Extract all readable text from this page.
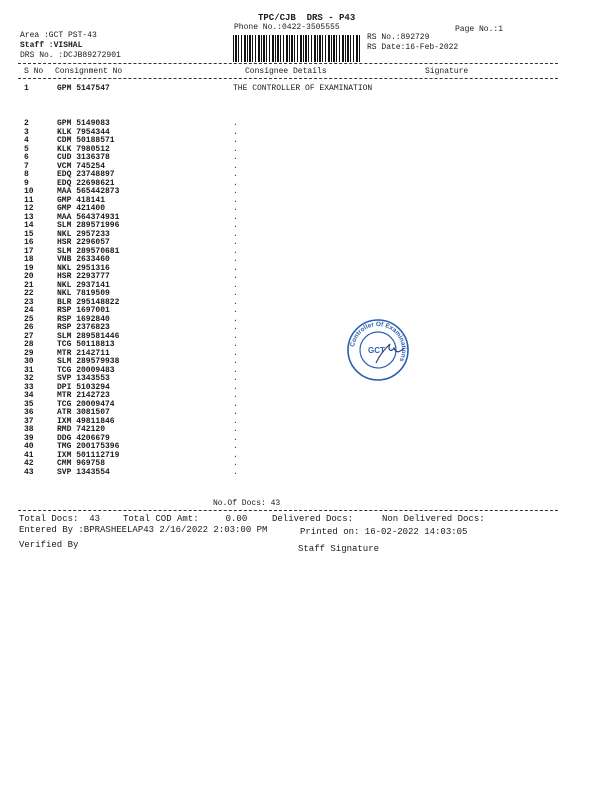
TPC/CJB  DRS - P43
Phone No.:0422-3505555	Page No.:1
Area :GCT PST-43
Staff :VISHAL
DRS No. :DCJB89272901
RS No.:892729
RS Date:16-Feb-2022
S No Consignment No	Consignee Details	Signature
1	GPM 5147547	THE CONTROLLER OF EXAMINATION
2	GPM 5149083	.
3	KLK 7954344	.
4	CDM 50188571	.
5	KLK 7980512	.
6	CUD 3136378	.
7	VCM 745254	.
8	EDQ 23748897	.
9	EDQ 22698621	.
10	MAA 565442873	.
11	GMP 418141	.
12	GMP 421400	.
13	MAA 564374931	.
14	SLM 289571996	.
15	NKL 2957233	.
16	HSR 2296057	.
17	SLM 289570681	.
18	VNB 2633460	.
19	NKL 2951316	.
20	HSR 2293777	.
21	NKL 2937141	.
22	NKL 7819509	.
23	BLR 295148822	.
24	RSP 1697001	.
25	RSP 1692840	.
26	RSP 2376823	.
27	SLM 289581446	.
28	TCG 50118813	.
29	MTR 2142711	.
30	SLM 289579938	.
31	TCG 20009483	.
32	SVP 1343553	.
33	DPI 5103294	.
34	MTR 2142723	.
35	TCG 20009474	.
36	ATR 3081507	.
37	IXM 49811846	.
38	RMD 742120	.
39	DDG 4206679	.
40	TMG 200175396	.
41	IXM 501112719	.
42	CMM 969758	.
43	SVP 1343554	.
Controller Of Examinations
GCT
No.Of Docs: 43
Total Docs:  43	Total COD Amt:     0.00	Delivered Docs:	Non Delivered Docs:
Entered By :BPRASHEELAP43 2/16/2022 2:03:00 PM	Printed on: 16-02-2022 14:03:05
Verified By	Staff Signature
